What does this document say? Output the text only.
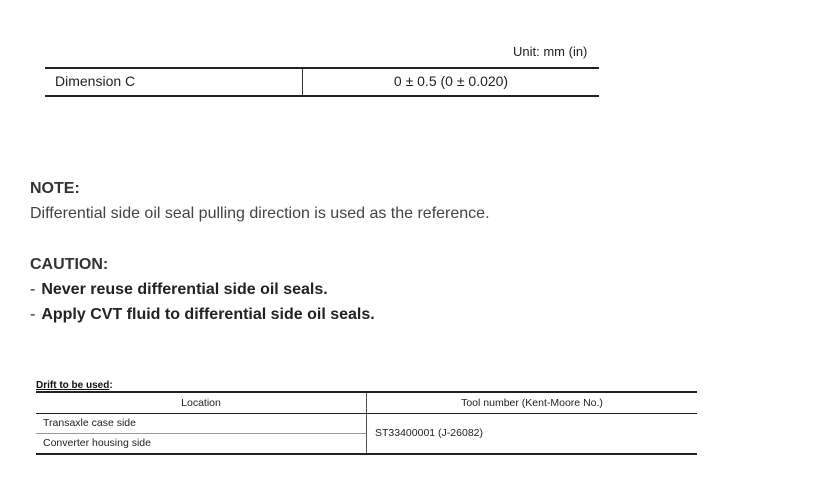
Unit: mm (in)
Dimension C	0 ± 0.5 (0 ± 0.020)
NOTE:
Differential side oil seal pulling direction is used as the reference.
CAUTION:
- Never reuse differential side oil seals.
- Apply CVT fluid to differential side oil seals.
Drift to be used:
Location	Tool number (Kent-Moore No.)
Transaxle case side
Converter housing side
ST33400001 (J-26082)
